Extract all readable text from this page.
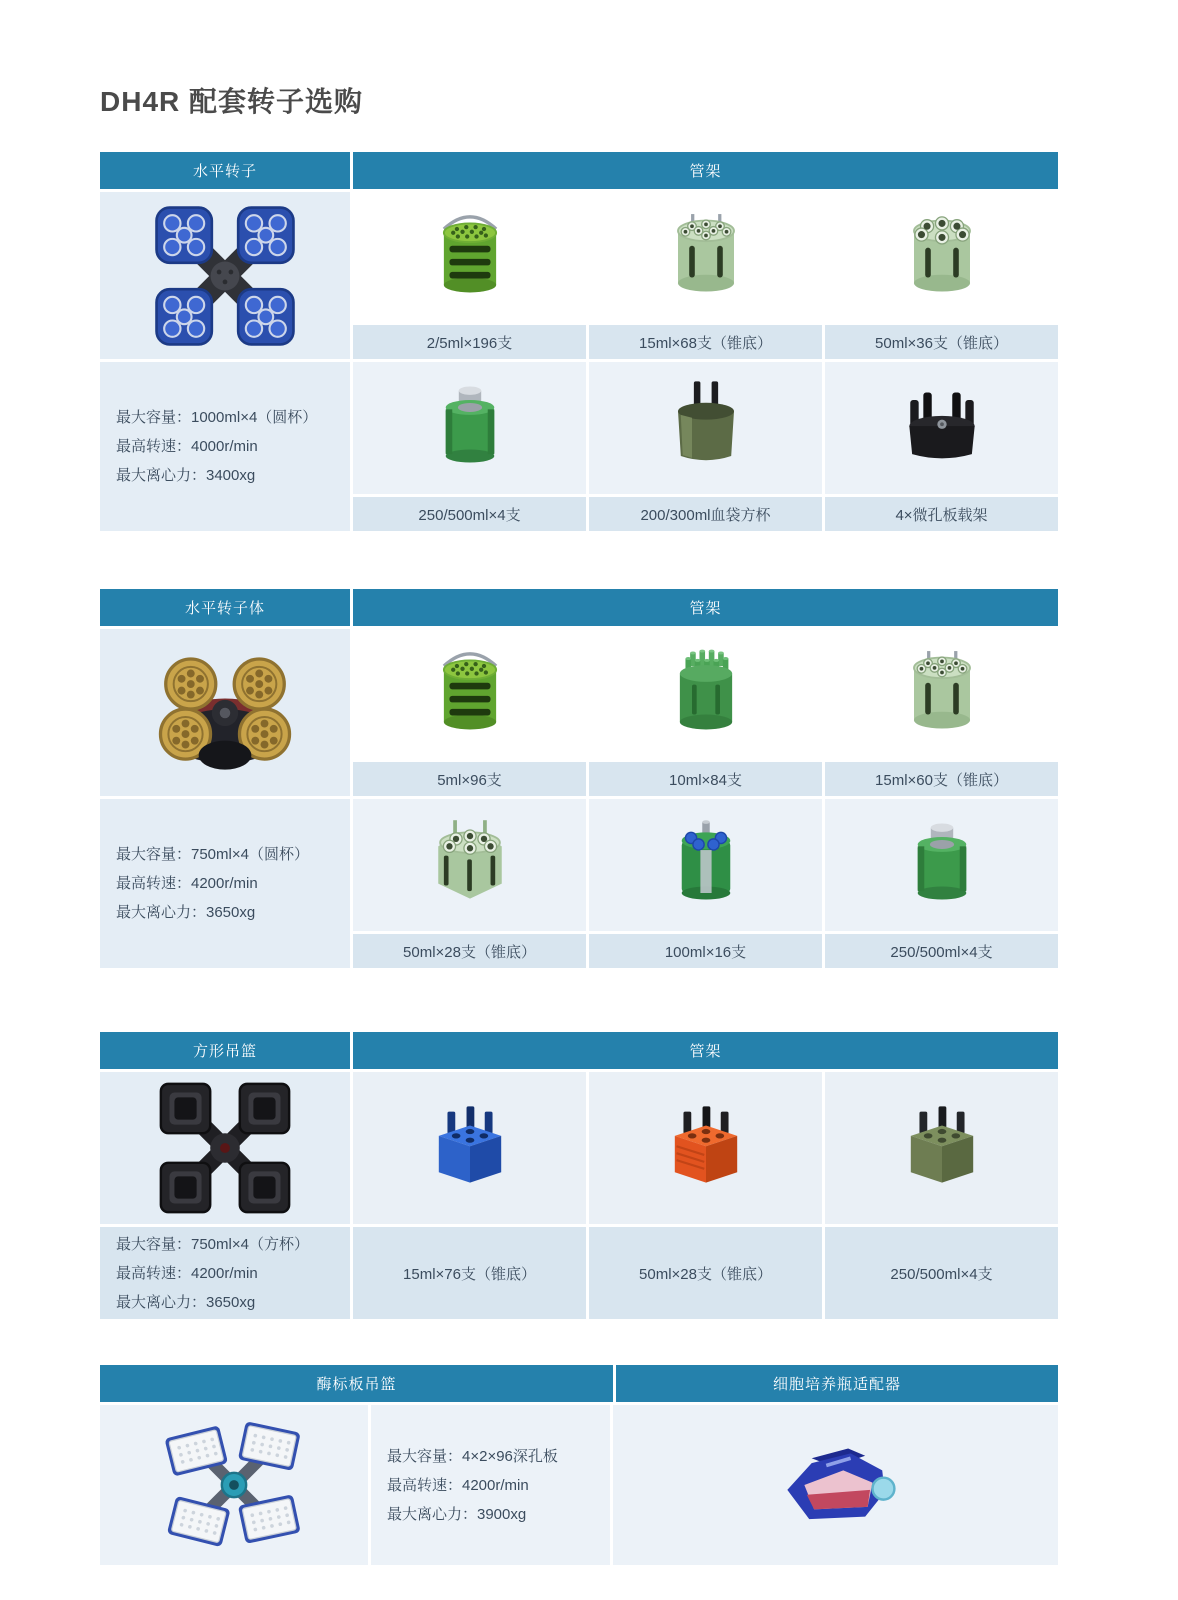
DH4R 配套转子选购
水平转子	管架
最大容量：1000ml×4（圆杯）
最高转速：4000r/min
最大离心力：3400xg
2/5ml×196支	15ml×68支（锥底）	50ml×36支（锥底）
250/500ml×4支	200/300ml血袋方杯	4×微孔板载架
水平转子体	管架
最大容量：750ml×4（圆杯）
最高转速：4200r/min
最大离心力：3650xg
5ml×96支	10ml×84支	15ml×60支（锥底）
50ml×28支（锥底）	100ml×16支	250/500ml×4支
方形吊篮	管架
最大容量：750ml×4（方杯）
最高转速：4200r/min
最大离心力：3650xg
15ml×76支（锥底）	50ml×28支（锥底）	250/500ml×4支
酶标板吊篮	细胞培养瓶适配器
最大容量：4×2×96深孔板
最高转速：4200r/min
最大离心力：3900xg
